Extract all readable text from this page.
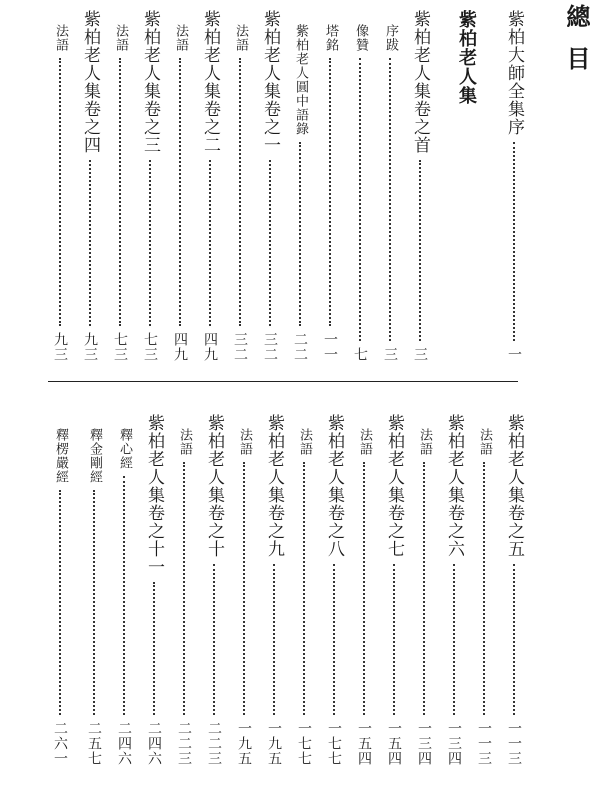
總目
紫柏大師全集序
一
紫柏老人集
紫柏老人集卷之首
三
序跋
三
像贊
七
塔銘
一一
紫柏老人圓中語錄
二二
紫柏老人集卷之一
三二
法語
三二
紫柏老人集卷之二
四九
法語
四九
紫柏老人集卷之三
七三
法語
七三
紫柏老人集卷之四
九三
法語
九三
紫柏老人集卷之五
一一三
法語
一一三
紫柏老人集卷之六
一三四
法語
一三四
紫柏老人集卷之七
一五四
法語
一五四
紫柏老人集卷之八
一七七
法語
一七七
紫柏老人集卷之九
一九五
法語
一九五
紫柏老人集卷之十
二二三
法語
二二三
紫柏老人集卷之十一
二四六
釋心經
二四六
釋金剛經
二五七
釋楞嚴經
二六一
